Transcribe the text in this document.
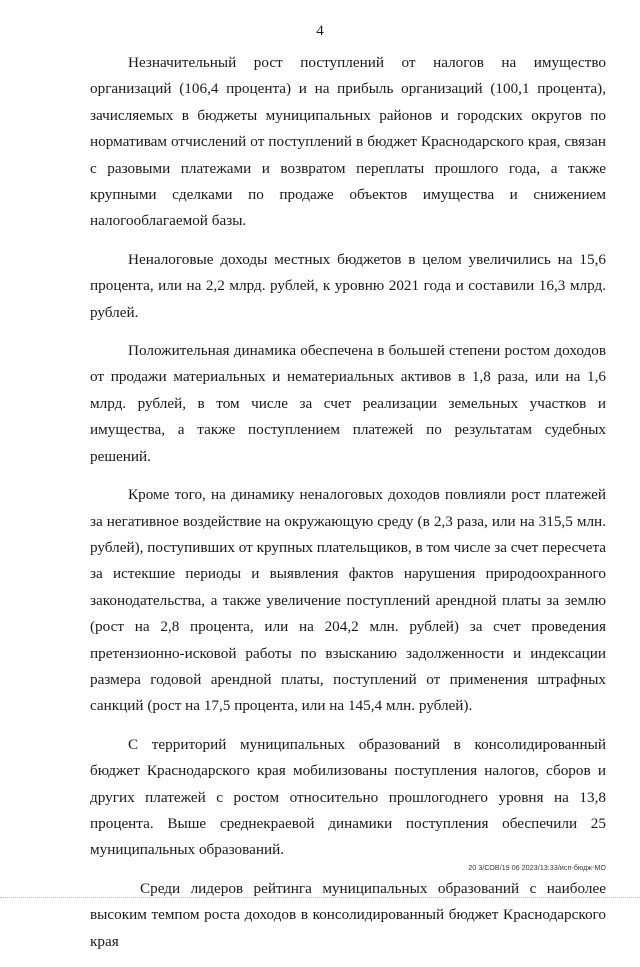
4

Незначительный рост поступлений от налогов на имущество организаций (106,4 процента) и на прибыль организаций (100,1 процента), зачисляемых в бюджеты муниципальных районов и городских округов по нормативам отчислений от поступлений в бюджет Краснодарского края, связан с разовыми платежами и возвратом переплаты прошлого года, а также крупными сделками по продаже объектов имущества и снижением налогооблагаемой базы.

Неналоговые доходы местных бюджетов в целом увеличились на 15,6 процента, или на 2,2 млрд. рублей, к уровню 2021 года и составили 16,3 млрд. рублей.

Положительная динамика обеспечена в большей степени ростом доходов от продажи материальных и нематериальных активов в 1,8 раза, или на 1,6 млрд. рублей, в том числе за счет реализации земельных участков и имущества, а также поступлением платежей по результатам судебных решений.

Кроме того, на динамику неналоговых доходов повлияли рост платежей за негативное воздействие на окружающую среду (в 2,3 раза, или на 315,5 млн. рублей), поступивших от крупных плательщиков, в том числе за счет пересчета за истекшие периоды и выявления фактов нарушения природоохранного законодательства, а также увеличение поступлений арендной платы за землю (рост на 2,8 процента, или на 204,2 млн. рублей) за счет проведения претензионно-исковой работы по взысканию задолженности и индексации размера годовой арендной платы, поступлений от применения штрафных санкций (рост на 17,5 процента, или на 145,4 млн. рублей).

С территорий муниципальных образований в консолидированный бюджет Краснодарского края мобилизованы поступления налогов, сборов и других платежей с ростом относительно прошлогоднего уровня на 13,8 процента. Выше среднекраевой динамики поступления обеспечили 25 муниципальных образований.

Среди лидеров рейтинга муниципальных образований с наиболее высоким темпом роста доходов в консолидированный бюджет Краснодарского края

20 3/СОВ/19 06 2023/13:33/исп-бюдж-МО
